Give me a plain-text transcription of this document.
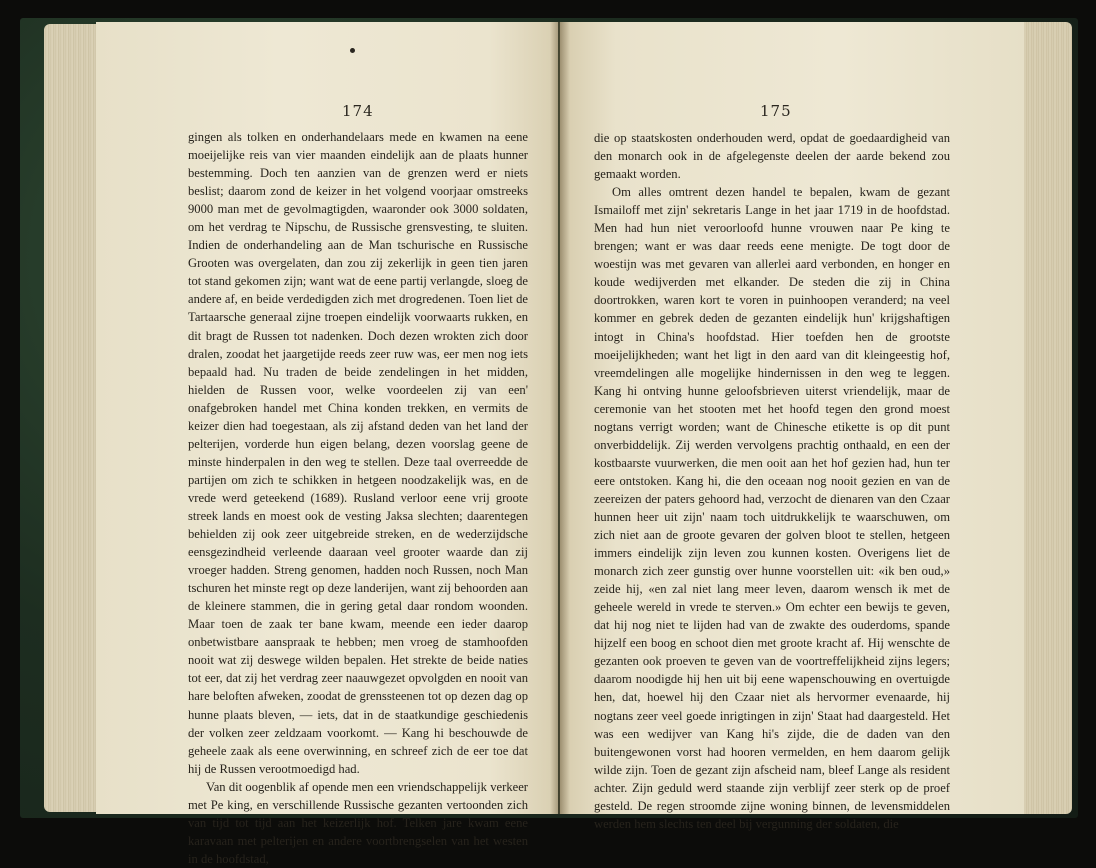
174

gingen als tolken en onderhandelaars mede en kwamen na eene moeijelijke reis van vier maanden eindelijk aan de plaats hunner bestemming. Doch ten aanzien van de grenzen werd er niets beslist; daarom zond de keizer in het volgend voorjaar omstreeks 9000 man met de gevolmagtigden, waaronder ook 3000 soldaten, om het verdrag te Nipschu, de Russische grensvesting, te sluiten. Indien de onderhandeling aan de Man tschurische en Russische Grooten was overgelaten, dan zou zij zekerlijk in geen tien jaren tot stand gekomen zijn; want wat de eene partij verlangde, sloeg de andere af, en beide verdedigden zich met drogredenen. Toen liet de Tartaarsche generaal zijne troepen eindelijk voorwaarts rukken, en dit bragt de Russen tot nadenken. Doch dezen wrokten zich door dralen, zoodat het jaargetijde reeds zeer ruw was, eer men nog iets bepaald had. Nu traden de beide zendelingen in het midden, hielden de Russen voor, welke voordeelen zij van een' onafgebroken handel met China konden trekken, en vermits de keizer dien had toegestaan, als zij afstand deden van het land der pelterijen, vorderde hun eigen belang, dezen voorslag geene de minste hinderpalen in den weg te stellen. Deze taal overreedde de partijen om zich te schikken in hetgeen noodzakelijk was, en de vrede werd geteekend (1689). Rusland verloor eene vrij groote streek lands en moest ook de vesting Jaksa slechten; daarentegen behielden zij ook zeer uitgebreide streken, en de wederzijdsche eensgezindheid verleende daaraan veel grooter waarde dan zij vroeger hadden. Streng genomen, hadden noch Russen, noch Man tschuren het minste regt op deze landerijen, want zij behoorden aan de kleinere stammen, die in gering getal daar rondom woonden. Maar toen de zaak ter bane kwam, meende een ieder daarop onbetwistbare aanspraak te hebben; men vroeg de stamhoofden nooit wat zij deswege wilden bepalen. Het strekte de beide naties tot eer, dat zij het verdrag zeer naauwgezet opvolgden en nooit van hare beloften afweken, zoodat de grenssteenen tot op dezen dag op hunne plaats bleven, — iets, dat in de staatkundige geschiedenis der volken zeer zeldzaam voorkomt. — Kang hi beschouwde de geheele zaak als eene overwinning, en schreef zich de eer toe dat hij de Russen verootmoedigd had.

Van dit oogenblik af opende men een vriendschappelijk verkeer met Pe king, en verschillende Russische gezanten vertoonden zich van tijd tot tijd aan het keizerlijk hof. Telken jare kwam eene karavaan met pelterijen en andere voortbrengselen van het westen in de hoofdstad,

175

die op staatskosten onderhouden werd, opdat de goedaardigheid van den monarch ook in de afgelegenste deelen der aarde bekend zou gemaakt worden.

Om alles omtrent dezen handel te bepalen, kwam de gezant Ismailoff met zijn' sekretaris Lange in het jaar 1719 in de hoofdstad. Men had hun niet veroorloofd hunne vrouwen naar Pe king te brengen; want er was daar reeds eene menigte. De togt door de woestijn was met gevaren van allerlei aard verbonden, en honger en koude wedijverden met elkander. De steden die zij in China doortrokken, waren kort te voren in puinhoopen veranderd; na veel kommer en gebrek deden de gezanten eindelijk hun' krijgshaftigen intogt in China's hoofdstad. Hier toefden hen de grootste moeijelijkheden; want het ligt in den aard van dit kleingeestig hof, vreemdelingen alle mogelijke hindernissen in den weg te leggen. Kang hi ontving hunne geloofsbrieven uiterst vriendelijk, maar de ceremonie van het stooten met het hoofd tegen den grond moest nogtans verrigt worden; want de Chinesche etikette is op dit punt onverbiddelijk. Zij werden vervolgens prachtig onthaald, en een der kostbaarste vuurwerken, die men ooit aan het hof gezien had, hun ter eere ontstoken. Kang hi, die den oceaan nog nooit gezien en van de zeereizen der paters gehoord had, verzocht de dienaren van den Czaar hunnen heer uit zijn' naam toch uitdrukkelijk te waarschuwen, om zich niet aan de groote gevaren der golven bloot te stellen, hetgeen immers eindelijk zijn leven zou kunnen kosten. Overigens liet de monarch zich zeer gunstig over hunne voorstellen uit: «ik ben oud,» zeide hij, «en zal niet lang meer leven, daarom wensch ik met de geheele wereld in vrede te sterven.» Om echter een bewijs te geven, dat hij nog niet te lijden had van de zwakte des ouderdoms, spande hijzelf een boog en schoot dien met groote kracht af. Hij wenschte de gezanten ook proeven te geven van de voortreffelijkheid zijns legers; daarom noodigde hij hen uit bij eene wapenschouwing en overtuigde hen, dat, hoewel hij den Czaar niet als hervormer evenaarde, hij nogtans zeer veel goede inrigtingen in zijn' Staat had daargesteld. Het was een wedijver van Kang hi's zijde, die de daden van den buitengewonen vorst had hooren vermelden, en hem daarom gelijk wilde zijn. Toen de gezant zijn afscheid nam, bleef Lange als resident achter. Zijn geduld werd staande zijn verblijf zeer sterk op de proef gesteld. De regen stroomde zijne woning binnen, de levensmiddelen werden hem slechts ten deel bij vergunning der soldaten, die
